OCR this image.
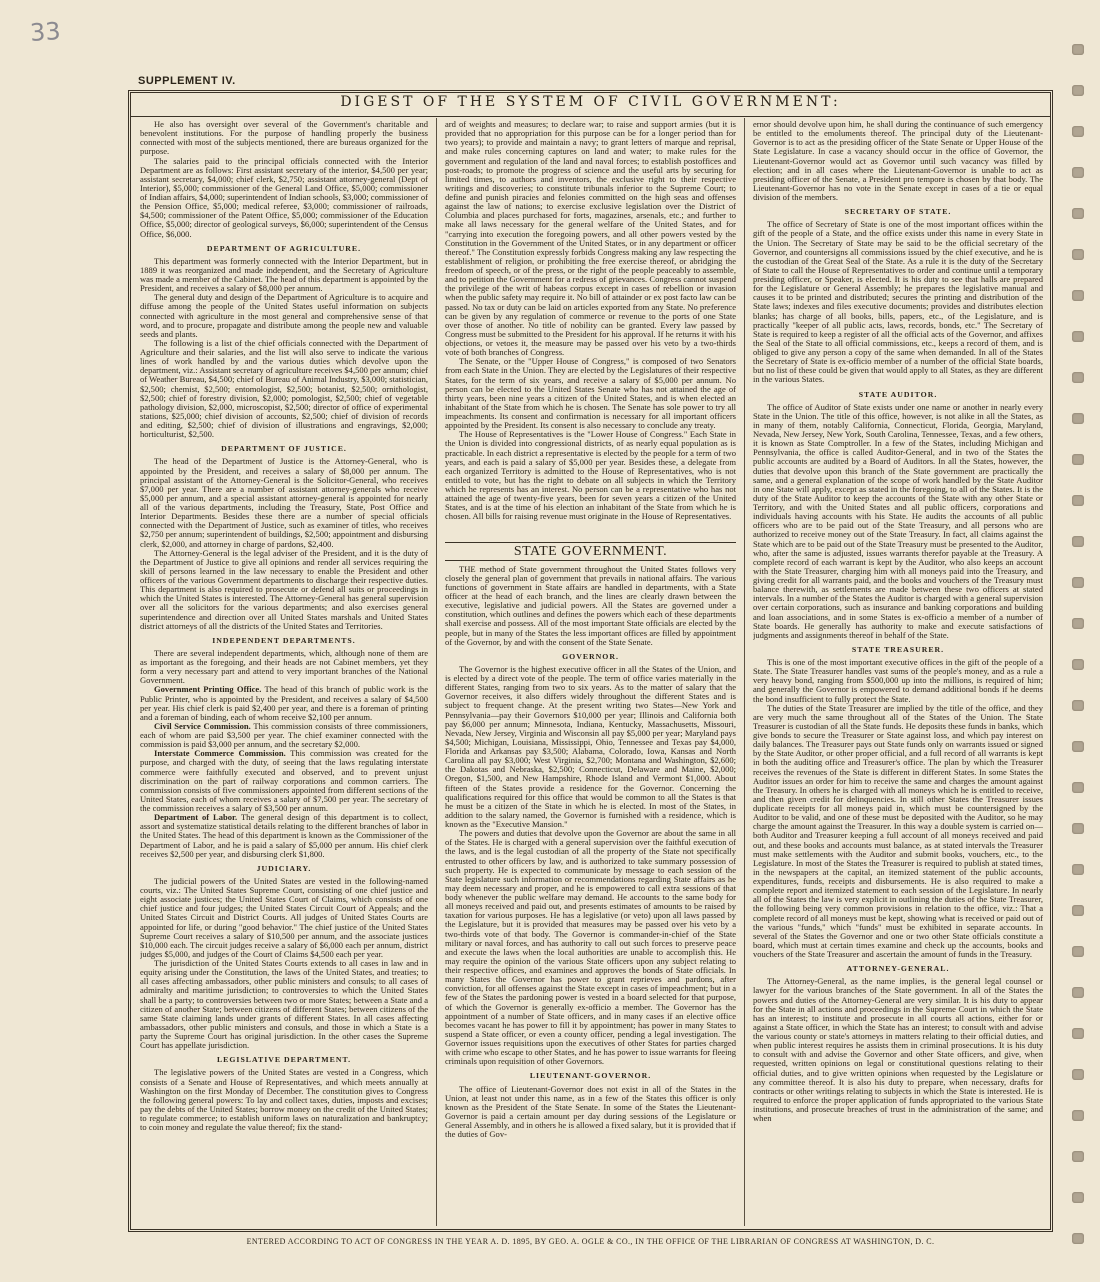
33
SUPPLEMENT IV.
DIGEST OF THE SYSTEM OF CIVIL GOVERNMENT:

He also has oversight over several of the Government's charitable and benevolent institutions. For the purpose of handling properly the business connected with most of the subjects mentioned, there are bureaus organized for the purpose.

The salaries paid to the principal officials connected with the Interior Department are as follows: First assistant secretary of the interior, $4,500 per year; assistant secretary, $4,000; chief clerk, $2,750; assistant attorney-general (Dept of Interior), $5,000; commissioner of the General Land Office, $5,000; commissioner of Indian affairs, $4,000; superintendent of Indian schools, $3,000; commissioner of the Pension Office, $5,000; medical referee, $3,000; commissioner of railroads, $4,500; commissioner of the Patent Office, $5,000; commissioner of the Education Office, $5,000; director of geological surveys, $6,000; superintendent of the Census Office, $6,000.

DEPARTMENT OF AGRICULTURE.

This department was formerly connected with the Interior Department, but in 1889 it was reorganized and made independent, and the Secretary of Agriculture was made a member of the Cabinet. The head of this department is appointed by the President, and receives a salary of $8,000 per annum.

The general duty and design of the Department of Agriculture is to acquire and diffuse among the people of the United States useful information on subjects connected with agriculture in the most general and comprehensive sense of that word, and to procure, propagate and distribute among the people new and valuable seeds and plants.

The following is a list of the chief officials connected with the Department of Agriculture and their salaries, and the list will also serve to indicate the various lines of work handled by and the various duties which devolve upon the department, viz.: Assistant secretary of agriculture receives $4,500 per annum; chief of Weather Bureau, $4,500; chief of Bureau of Animal Industry, $3,000; statistician, $2,500; chemist, $2,500; entomologist, $2,500; botanist, $2,500; ornithologist, $2,500; chief of forestry division, $2,000; pomologist, $2,500; chief of vegetable pathology division, $2,000, microscopist, $2,500; director of office of experimental stations, $25,000; chief division of accounts, $2,500; chief of division of records and editing, $2,500; chief of division of illustrations and engravings, $2,000; horticulturist, $2,500.

DEPARTMENT OF JUSTICE.

The head of the Department of Justice is the Attorney-General, who is appointed by the President, and receives a salary of $8,000 per annum. The principal assistant of the Attorney-General is the Solicitor-General, who receives $7,000 per year. There are a number of assistant attorney-generals who receive $5,000 per annum, and a special assistant attorney-general is appointed for nearly all of the various departments, including the Treasury, State, Post Office and Interior Departments. Besides these there are a number of special officials connected with the Department of Justice, such as examiner of titles, who receives $2,750 per annum; superintendent of buildings, $2,500; appointment and disbursing clerk, $2,000, and attorney in charge of pardons, $2,400.

The Attorney-General is the legal adviser of the President, and it is the duty of the Department of Justice to give all opinions and render all services requiring the skill of persons learned in the law necessary to enable the President and other officers of the various Government departments to discharge their respective duties. This department is also required to prosecute or defend all suits or proceedings in which the United States is interested. The Attorney-General has general supervision over all the solicitors for the various departments; and also exercises general superintendence and direction over all United States marshals and United States district attorneys of all the districts of the United States and Territories.

INDEPENDENT DEPARTMENTS.

There are several independent departments, which, although none of them are as important as the foregoing, and their heads are not Cabinet members, yet they form a very necessary part and attend to very important branches of the National Government.

Government Printing Office. The head of this branch of public work is the Public Printer, who is appointed by the President, and receives a salary of $4,500 per year. His chief clerk is paid $2,400 per year, and there is a foreman of printing and a foreman of binding, each of whom receive $2,100 per annum.

Civil Service Commission. This commission consists of three commissioners, each of whom are paid $3,500 per year. The chief examiner connected with the commission is paid $3,000 per annum, and the secretary $2,000.

Interstate Commerce Commission. This commission was created for the purpose, and charged with the duty, of seeing that the laws regulating interstate commerce were faithfully executed and observed, and to prevent unjust discrimination on the part of railway corporations and common carriers. The commission consists of five commissioners appointed from different sections of the United States, each of whom receives a salary of $7,500 per year. The secretary of the commission receives a salary of $3,500 per annum.

Department of Labor. The general design of this department is to collect, assort and systematize statistical details relating to the different branches of labor in the United States. The head of this department is known as the Commissioner of the Department of Labor, and he is paid a salary of $5,000 per annum. His chief clerk receives $2,500 per year, and disbursing clerk $1,800.

JUDICIARY.

The judicial powers of the United States are vested in the following-named courts, viz.: The United States Supreme Court, consisting of one chief justice and eight associate justices; the United States Court of Claims, which consists of one chief justice and four judges; the United States Circuit Court of Appeals; and the United States Circuit and District Courts. All judges of United States Courts are appointed for life, or during "good behavior." The chief justice of the United States Supreme Court receives a salary of $10,500 per annum, and the associate justices $10,000 each. The circuit judges receive a salary of $6,000 each per annum, district judges $5,000, and judges of the Court of Claims $4,500 each per year.

The jurisdiction of the United States Courts extends to all cases in law and in equity arising under the Constitution, the laws of the United States, and treaties; to all cases affecting ambassadors, other public ministers and consuls; to all cases of admiralty and maritime jurisdiction; to controversies to which the United States shall be a party; to controversies between two or more States; between a State and a citizen of another State; between citizens of different States; between citizens of the same State claiming lands under grants of different States. In all cases affecting ambassadors, other public ministers and consuls, and those in which a State is a party the Supreme Court has original jurisdiction. In the other cases the Supreme Court has appellate jurisdiction.

LEGISLATIVE DEPARTMENT.

The legislative powers of the United States are vested in a Congress, which consists of a Senate and House of Representatives, and which meets annually at Washington on the first Monday of December. The constitution gives to Congress the following general powers: To lay and collect taxes, duties, imposts and excises; pay the debts of the United States; borrow money on the credit of the United States; to regulate commerce; to establish uniform laws on naturalization and bankruptcy; to coin money and regulate the value thereof; fix the stand-

ard of weights and measures; to declare war; to raise and support armies (but it is provided that no appropriation for this purpose can be for a longer period than for two years); to provide and maintain a navy; to grant letters of marque and reprisal, and make rules concerning captures on land and water; to make rules for the government and regulation of the land and naval forces; to establish postoffices and post-roads; to promote the progress of science and the useful arts by securing for limited times, to authors and inventors, the exclusive right to their respective writings and discoveries; to constitute tribunals inferior to the Supreme Court; to define and punish piracies and felonies committed on the high seas and offenses against the law of nations; to exercise exclusive legislation over the District of Columbia and places purchased for forts, magazines, arsenals, etc.; and further to make all laws necessary for the general welfare of the United States, and for "carrying into execution the foregoing powers, and all other powers vested by the Constitution in the Government of the United States, or in any department or officer thereof." The Constitution expressly forbids Congress making any law respecting the establishment of religion, or prohibiting the free exercise thereof, or abridging the freedom of speech, or of the press, or the right of the people peaceably to assemble, and to petition the Government for a redress of grievances. Congress cannot suspend the privilege of the writ of habeas corpus except in cases of rebellion or invasion when the public safety may require it. No bill of attainder or ex post facto law can be passed. No tax or duty can be laid on articles exported from any State. No preference can be given by any regulation of commerce or revenue to the ports of one State over those of another. No title of nobility can be granted. Every law passed by Congress must be submitted to the President for his approval. If he returns it with his objections, or vetoes it, the measure may be passed over his veto by a two-thirds vote of both branches of Congress.

The Senate, or the "Upper House of Congress," is composed of two Senators from each State in the Union. They are elected by the Legislatures of their respective States, for the term of six years, and receive a salary of $5,000 per annum. No person can be elected to the United States Senate who has not attained the age of thirty years, been nine years a citizen of the United States, and is when elected an inhabitant of the State from which he is chosen. The Senate has sole power to try all impeachments. Its consent and confirmation is necessary for all important officers appointed by the President. Its consent is also necessary to conclude any treaty.

The House of Representatives is the "Lower House of Congress." Each State in the Union is divided into congressional districts, of as nearly equal population as is practicable. In each district a representative is elected by the people for a term of two years, and each is paid a salary of $5,000 per year. Besides these, a delegate from each organized Territory is admitted to the House of Representatives, who is not entitled to vote, but has the right to debate on all subjects in which the Territory which he represents has an interest. No person can be a representative who has not attained the age of twenty-five years, been for seven years a citizen of the United States, and is at the time of his election an inhabitant of the State from which he is chosen. All bills for raising revenue must originate in the House of Representatives.

STATE GOVERNMENT.

THE method of State government throughout the United States follows very closely the general plan of government that prevails in national affairs. The various functions of government in State affairs are handled in departments, with a State officer at the head of each branch, and the lines are clearly drawn between the executive, legislative and judicial powers. All the States are governed under a constitution, which outlines and defines the powers which each of these departments shall exercise and possess. All of the most important State officials are elected by the people, but in many of the States the less important offices are filled by appointment of the Governor, by and with the consent of the State Senate.

GOVERNOR.

The Governor is the highest executive officer in all the States of the Union, and is elected by a direct vote of the people. The term of office varies materially in the different States, ranging from two to six years. As to the matter of salary that the Governor receives, it also differs widely throughout the different States and is subject to frequent change. At the present writing two States—New York and Pennsylvania—pay their Governors $10,000 per year; Illinois and California both pay $6,000 per annum; Minnesota, Indiana, Kentucky, Massachusetts, Missouri, Nevada, New Jersey, Virginia and Wisconsin all pay $5,000 per year; Maryland pays $4,500; Michigan, Louisiana, Mississippi, Ohio, Tennessee and Texas pay $4,000, Florida and Arkansas pay $3,500; Alabama, Colorado, Iowa, Kansas and North Carolina all pay $3,000; West Virginia, $2,700; Montana and Washington, $2,600; the Dakotas and Nebraska, $2,500; Connecticut, Delaware and Maine, $2,000; Oregon, $1,500, and New Hampshire, Rhode Island and Vermont $1,000. About fifteen of the States provide a residence for the Governor. Concerning the qualifications required for this office that would be common to all the States is that he must be a citizen of the State in which he is elected. In most of the States, in addition to the salary named, the Governor is furnished with a residence, which is known as the "Executive Mansion."

The powers and duties that devolve upon the Governor are about the same in all of the States. He is charged with a general supervision over the faithful execution of the laws, and is the legal custodian of all the property of the State not specifically entrusted to other officers by law, and is authorized to take summary possession of such property. He is expected to communicate by message to each session of the State legislature such information or recommendations regarding State affairs as he may deem necessary and proper, and he is empowered to call extra sessions of that body whenever the public welfare may demand. He accounts to the same body for all moneys received and paid out, and presents estimates of amounts to be raised by taxation for various purposes. He has a legislative (or veto) upon all laws passed by the Legislature, but it is provided that measures may be passed over his veto by a two-thirds vote of that body. The Governor is commander-in-chief of the State military or naval forces, and has authority to call out such forces to preserve peace and execute the laws when the local authorities are unable to accomplish this. He may require the opinion of the various State officers upon any subject relating to their respective offices, and examines and approves the bonds of State officials. In many States the Governor has power to grant reprieves and pardons, after conviction, for all offenses against the State except in cases of impeachment; but in a few of the States the pardoning power is vested in a board selected for that purpose, of which the Governor is generally ex-officio a member. The Governor has the appointment of a number of State officers, and in many cases if an elective office becomes vacant he has power to fill it by appointment; has power in many States to suspend a State officer, or even a county officer, pending a legal investigation. The Governor issues requisitions upon the executives of other States for parties charged with crime who escape to other States, and he has power to issue warrants for fleeing criminals upon requisition of other Governors.

LIEUTENANT-GOVERNOR.

The office of Lieutenant-Governor does not exist in all of the States in the Union, at least not under this name, as in a few of the States this officer is only known as the President of the State Senate. In some of the States the Lieutenant-Governor is paid a certain amount per day during sessions of the Legislature or General Assembly, and in others he is allowed a fixed salary, but it is provided that if the duties of Gov-

ernor should devolve upon him, he shall during the continuance of such emergency be entitled to the emoluments thereof. The principal duty of the Lieutenant-Governor is to act as the presiding officer of the State Senate or Upper House of the State Legislature. In case a vacancy should occur in the office of Governor, the Lieutenant-Governor would act as Governor until such vacancy was filled by election; and in all cases where the Lieutenant-Governor is unable to act as presiding officer of the Senate, a President pro tempore is chosen by that body. The Lieutenant-Governor has no vote in the Senate except in cases of a tie or equal division of the members.

SECRETARY OF STATE.

The office of Secretary of State is one of the most important offices within the gift of the people of a State, and the office exists under this name in every State in the Union. The Secretary of State may be said to be the official secretary of the Governor, and countersigns all commissions issued by the chief executive, and he is the custodian of the Great Seal of the State. As a rule it is the duty of the Secretary of State to call the House of Representatives to order and continue until a temporary presiding officer, or Speaker, is elected. It is his duty to see that halls are prepared for the Legislature or General Assembly; he prepares the legislative manual and causes it to be printed and distributed; secures the printing and distribution of the State laws; indexes and files executive documents; provides and distributes election blanks; has charge of all books, bills, papers, etc., of the Legislature, and is practically "keeper of all public acts, laws, records, bonds, etc." The Secretary of State is required to keep a register of all the official acts of the Governor, and affixes the Seal of the State to all official commissions, etc., keeps a record of them, and is obliged to give any person a copy of the same when demanded. In all of the States the Secretary of State is ex-officio member of a number of the official State boards, but no list of these could be given that would apply to all States, as they are different in the various States.

STATE AUDITOR.

The office of Auditor of State exists under one name or another in nearly every State in the Union. The title of this office, however, is not alike in all the States, as in many of them, notably California, Connecticut, Florida, Georgia, Maryland, Nevada, New Jersey, New York, South Carolina, Tennessee, Texas, and a few others, it is known as State Comptroller. In a few of the States, including Michigan and Pennsylvania, the office is called Auditor-General, and in two of the States the public accounts are audited by a Board of Auditors. In all the States, however, the duties that devolve upon this branch of the State government are practically the same, and a general explanation of the scope of work handled by the State Auditor in one State will apply, except as stated in the foregoing, to all of the States. It is the duty of the State Auditor to keep the accounts of the State with any other State or Territory, and with the United States and all public officers, corporations and individuals having accounts with his State. He audits the accounts of all public officers who are to be paid out of the State Treasury, and all persons who are authorized to receive money out of the State Treasury. In fact, all claims against the State which are to be paid out of the State Treasury must be presented to the Auditor, who, after the same is adjusted, issues warrants therefor payable at the Treasury. A complete record of each warrant is kept by the Auditor, who also keeps an account with the State Treasurer, charging him with all moneys paid into the Treasury, and giving credit for all warrants paid, and the books and vouchers of the Treasury must balance therewith, as settlements are made between these two officers at stated intervals. In a number of the States the Auditor is charged with a general supervision over certain corporations, such as insurance and banking corporations and building and loan associations, and in some States is ex-officio a member of a number of State boards. He generally has authority to make and execute satisfactions of judgments and assignments thereof in behalf of the State.

STATE TREASURER.

This is one of the most important executive offices in the gift of the people of a State. The State Treasurer handles vast sums of the people's money, and as a rule a very heavy bond, ranging from $500,000 up into the millions, is required of him; and generally the Governor is empowered to demand additional bonds if he deems the bond insufficient to fully protect the State.

The duties of the State Treasurer are implied by the title of the office, and they are very much the same throughout all of the States of the Union. The State Treasurer is custodian of all the State funds. He deposits these funds in banks, which give bonds to secure the Treasurer or State against loss, and which pay interest on daily balances. The Treasurer pays out State funds only on warrants issued or signed by the State Auditor, or other proper official, and a full record of all warrants is kept in both the auditing office and Treasurer's office. The plan by which the Treasurer receives the revenues of the State is different in different States. In some States the Auditor issues an order for him to receive the same and charges the amount against the Treasury. In others he is charged with all moneys which he is entitled to receive, and then given credit for delinquencies. In still other States the Treasurer issues duplicate receipts for all moneys paid in, which must be countersigned by the Auditor to be valid, and one of these must be deposited with the Auditor, so he may charge the amount against the Treasurer. In this way a double system is carried on—both Auditor and Treasurer keeping a full account of all moneys received and paid out, and these books and accounts must balance, as at stated intervals the Treasurer must make settlements with the Auditor and submit books, vouchers, etc., to the Legislature. In most of the States the Treasurer is required to publish at stated times, in the newspapers at the capital, an itemized statement of the public accounts, expenditures, funds, receipts and disbursements. He is also required to make a complete report and itemized statement to each session of the Legislature. In nearly all of the States the law is very explicit in outlining the duties of the State Treasurer, the following being very common provisions in relation to the office, viz.: That a complete record of all moneys must be kept, showing what is received or paid out of the various "funds," which "funds" must be exhibited in separate accounts. In several of the States the Governor and one or two other State officials constitute a board, which must at certain times examine and check up the accounts, books and vouchers of the State Treasurer and ascertain the amount of funds in the Treasury.

ATTORNEY-GENERAL.

The Attorney-General, as the name implies, is the general legal counsel or lawyer for the various branches of the State government. In all of the States the powers and duties of the Attorney-General are very similar. It is his duty to appear for the State in all actions and proceedings in the Supreme Court in which the State has an interest; to institute and prosecute in all courts all actions, either for or against a State officer, in which the State has an interest; to consult with and advise the various county or state's attorneys in matters relating to their official duties, and when public interest requires he assists them in criminal prosecutions. It is his duty to consult with and advise the Governor and other State officers, and give, when requested, written opinions on legal or constitutional questions relating to their official duties, and to give written opinions when requested by the Legislature or any committee thereof. It is also his duty to prepare, when necessary, drafts for contracts or other writings relating to subjects in which the State is interested. He is required to enforce the proper application of funds appropriated to the various State institutions, and prosecute breaches of trust in the administration of the same; and when

ENTERED ACCORDING TO ACT OF CONGRESS IN THE YEAR A. D. 1895, BY GEO. A. OGLE & CO., IN THE OFFICE OF THE LIBRARIAN OF CONGRESS AT WASHINGTON, D. C.
